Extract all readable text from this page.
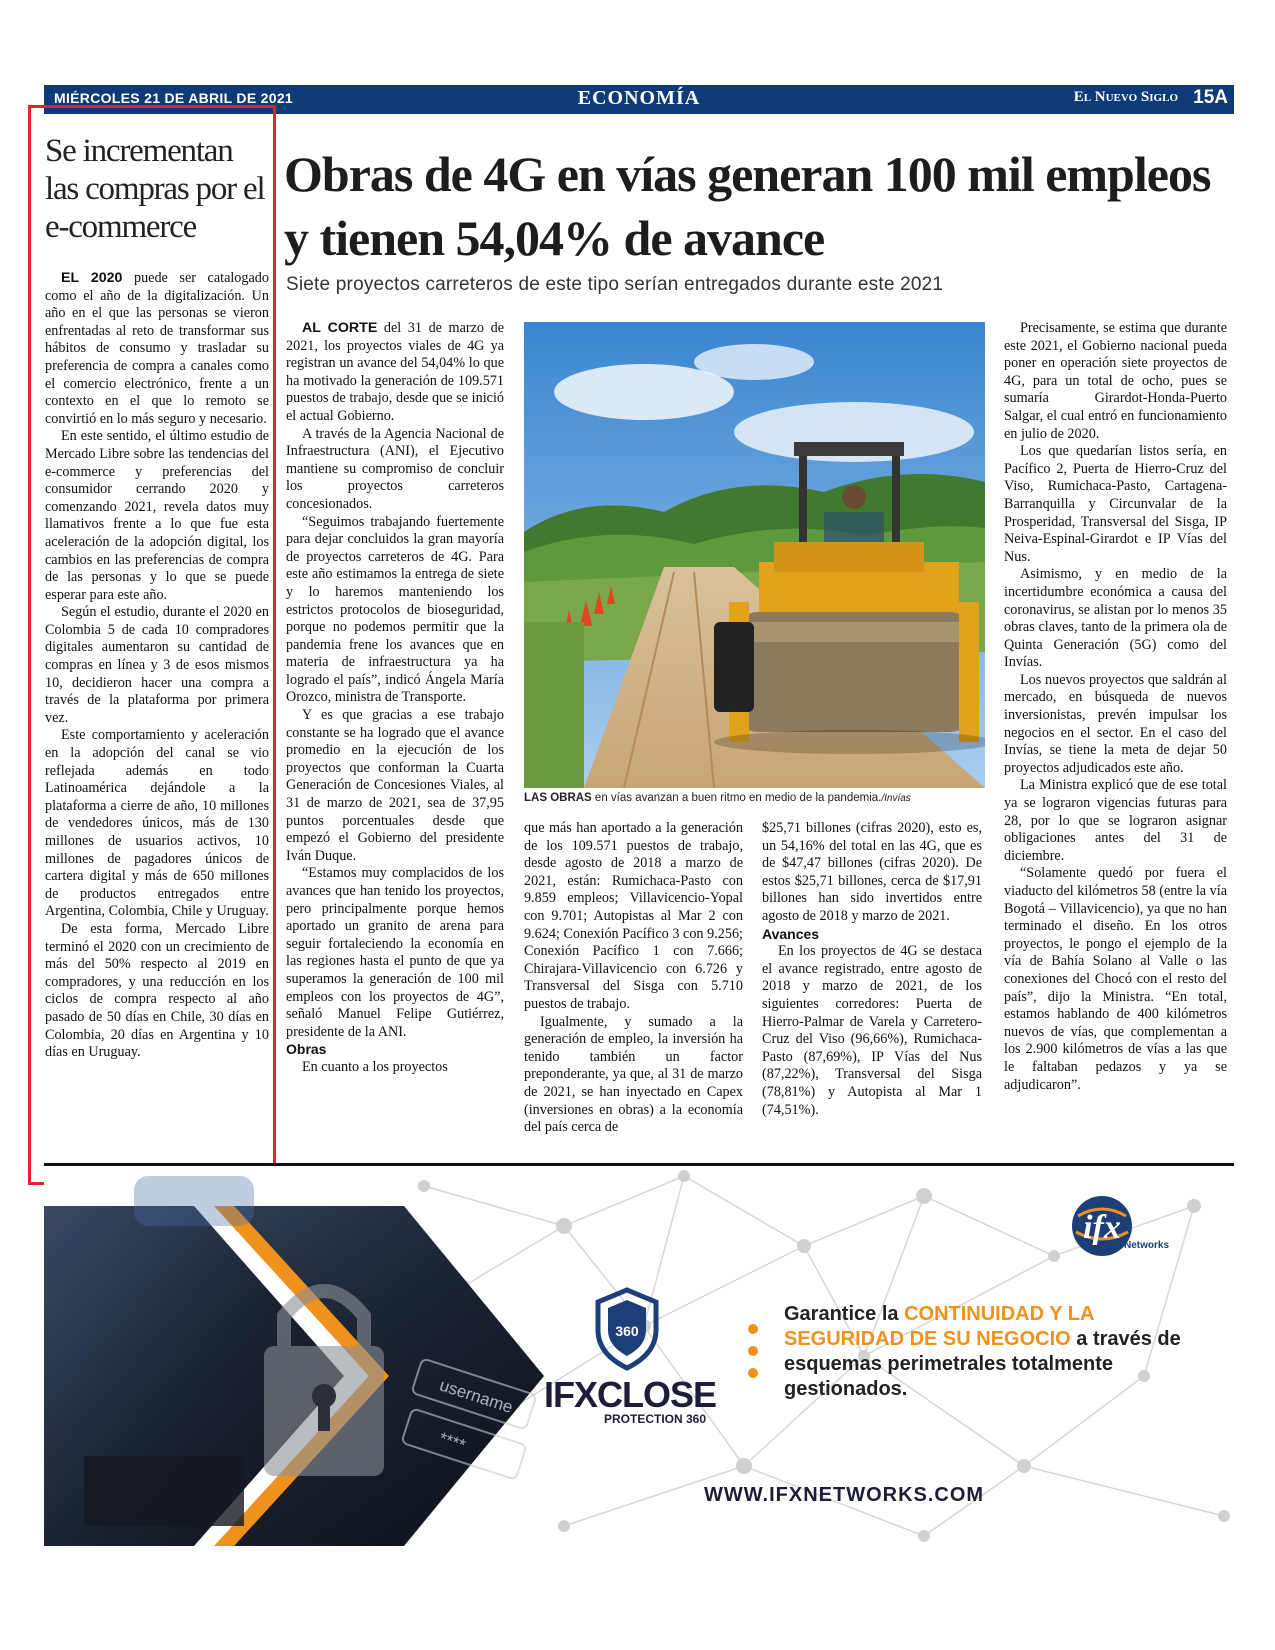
MIÉRCOLES 21 DE ABRIL DE 2021	ECONOMÍA	El Nuevo Siglo 15A
Se incrementan las compras por el e-commerce

EL 2020 puede ser catalogado como el año de la digitalización. Un año en el que las personas se vieron enfrentadas al reto de transformar sus hábitos de consumo y trasladar su preferencia de compra a canales como el comercio electrónico, frente a un contexto en el que lo remoto se convirtió en lo más seguro y necesario.

En este sentido, el último estudio de Mercado Libre sobre las tendencias del e-commerce y preferencias del consumidor cerrando 2020 y comenzando 2021, revela datos muy llamativos frente a lo que fue esta aceleración de la adopción digital, los cambios en las preferencias de compra de las personas y lo que se puede esperar para este año.

Según el estudio, durante el 2020 en Colombia 5 de cada 10 compradores digitales aumentaron su cantidad de compras en línea y 3 de esos mismos 10, decidieron hacer una compra a través de la plataforma por primera vez.

Este comportamiento y aceleración en la adopción del canal se vio reflejada además en todo Latinoamérica dejándole a la plataforma a cierre de año, 10 millones de vendedores únicos, más de 130 millones de usuarios activos, 10 millones de pagadores únicos de cartera digital y más de 650 millones de productos entregados entre Argentina, Colombia, Chile y Uruguay.

De esta forma, Mercado Libre terminó el 2020 con un crecimiento de más del 50% respecto al 2019 en compradores, y una reducción en los ciclos de compra respecto al año pasado de 50 días en Chile, 30 días en Colombia, 20 días en Argentina y 10 días en Uruguay.

Obras de 4G en vías generan 100 mil empleos y tienen 54,04% de avance
Siete proyectos carreteros de este tipo serían entregados durante este 2021

AL CORTE del 31 de marzo de 2021, los proyectos viales de 4G ya registran un avance del 54,04% lo que ha motivado la generación de 109.571 puestos de trabajo, desde que se inició el actual Gobierno.

A través de la Agencia Nacional de Infraestructura (ANI), el Ejecutivo mantiene su compromiso de concluir los proyectos carreteros concesionados.

“Seguimos trabajando fuertemente para dejar concluidos la gran mayoría de proyectos carreteros de 4G. Para este año estimamos la entrega de siete y lo haremos manteniendo los estrictos protocolos de bioseguridad, porque no podemos permitir que la pandemia frene los avances que en materia de infraestructura ya ha logrado el país”, indicó Ángela María Orozco, ministra de Transporte.

Y es que gracias a ese trabajo constante se ha logrado que el avance promedio en la ejecución de los proyectos que conforman la Cuarta Generación de Concesiones Viales, al 31 de marzo de 2021, sea de 37,95 puntos porcentuales desde que empezó el Gobierno del presidente Iván Duque.

“Estamos muy complacidos de los avances que han tenido los proyectos, pero principalmente porque hemos aportado un granito de arena para seguir fortaleciendo la economía en las regiones hasta el punto de que ya superamos la generación de 100 mil empleos con los proyectos de 4G”, señaló Manuel Felipe Gutiérrez, presidente de la ANI.

Obras

En cuanto a los proyectos

LAS OBRAS en vías avanzan a buen ritmo en medio de la pandemia./Invías

que más han aportado a la generación de los 109.571 puestos de trabajo, desde agosto de 2018 a marzo de 2021, están: Rumichaca-Pasto con 9.859 empleos; Villavicencio-Yopal con 9.701; Autopistas al Mar 2 con 9.624; Conexión Pacífico 3 con 9.256; Conexión Pacífico 1 con 7.666; Chirajara-Villavicencio con 6.726 y Transversal del Sisga con 5.710 puestos de trabajo.

Igualmente, y sumado a la generación de empleo, la inversión ha tenido también un factor preponderante, ya que, al 31 de marzo de 2021, se han inyectado en Capex (inversiones en obras) a la economía del país cerca de

$25,71 billones (cifras 2020), esto es, un 54,16% del total en las 4G, que es de $47,47 billones (cifras 2020). De estos $25,71 billones, cerca de $17,91 billones han sido invertidos entre agosto de 2018 y marzo de 2021.

Avances

En los proyectos de 4G se destaca el avance registrado, entre agosto de 2018 y marzo de 2021, de los siguientes corredores: Puerta de Hierro-Palmar de Varela y Carretero-Cruz del Viso (96,66%), Rumichaca-Pasto (87,69%), IP Vías del Nus (87,22%), Transversal del Sisga (78,81%) y Autopista al Mar 1 (74,51%).

Precisamente, se estima que durante este 2021, el Gobierno nacional pueda poner en operación siete proyectos de 4G, para un total de ocho, pues se sumaría Girardot-Honda-Puerto Salgar, el cual entró en funcionamiento en julio de 2020.

Los que quedarían listos sería, en Pacífico 2, Puerta de Hierro-Cruz del Viso, Rumichaca-Pasto, Cartagena-Barranquilla y Circunvalar de la Prosperidad, Transversal del Sisga, IP Neiva-Espinal-Girardot e IP Vías del Nus.

Asimismo, y en medio de la incertidumbre económica a causa del coronavirus, se alistan por lo menos 35 obras claves, tanto de la primera ola de Quinta Generación (5G) como del Invías.

Los nuevos proyectos que saldrán al mercado, en búsqueda de nuevos inversionistas, prevén impulsar los negocios en el sector. En el caso del Invías, se tiene la meta de dejar 50 proyectos adjudicados este año.

La Ministra explicó que de ese total ya se lograron vigencias futuras para 28, por lo que se lograron asignar obligaciones antes del 31 de diciembre.

“Solamente quedó por fuera el viaducto del kilómetros 58 (entre la vía Bogotá – Villavicencio), ya que no han terminado el diseño. En los otros proyectos, le pongo el ejemplo de la vía de Bahía Solano al Valle o las conexiones del Chocó con el resto del país”, dijo la Ministra. “En total, estamos hablando de 400 kilómetros nuevos de vías, que complementan a los 2.900 kilómetros de vías a las que le faltaban pedazos y ya se adjudicaron”.

username
****
360
IFXCLOSE
PROTECTION 360
Garantice la CONTINUIDAD Y LA SEGURIDAD DE SU NEGOCIO a través de esquemas perimetrales totalmente gestionados.
WWW.IFXNETWORKS.COM
ifx Networks
